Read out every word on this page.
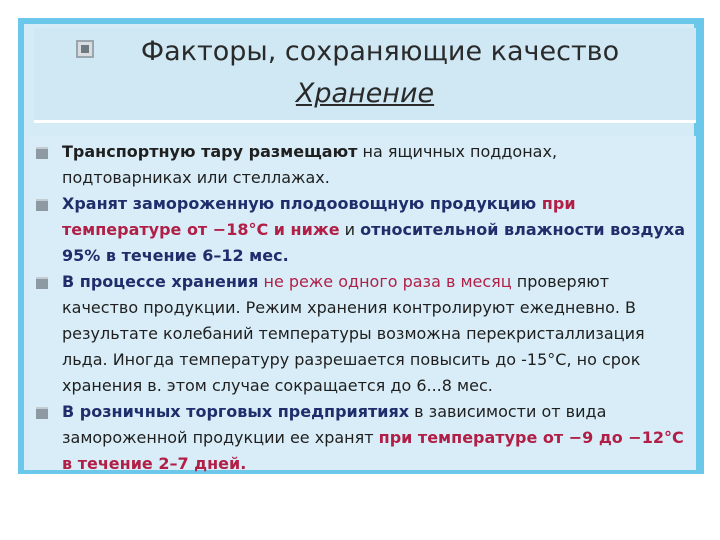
Факторы, сохраняющие качество
Хранение
Транспортную тару размещают на ящичных поддонах, подтоварниках или стеллажах.
Хранят замороженную плодоовощную продукцию при температуре от −18°С и ниже и относительной влажности воздуха 95% в течение 6–12 мес.
В процессе хранения не реже одного раза в месяц проверяют качество продукции. Режим хранения контролируют ежедневно. В результате колебаний температуры возможна перекристаллизация льда. Иногда температуру разрешается повысить до -15°С, но срок хранения в. этом случае сокращается до 6...8 мес.
В розничных торговых предприятиях в зависимости от вида замороженной продукции ее хранят при температуре от −9 до −12°С в течение 2–7 дней.
